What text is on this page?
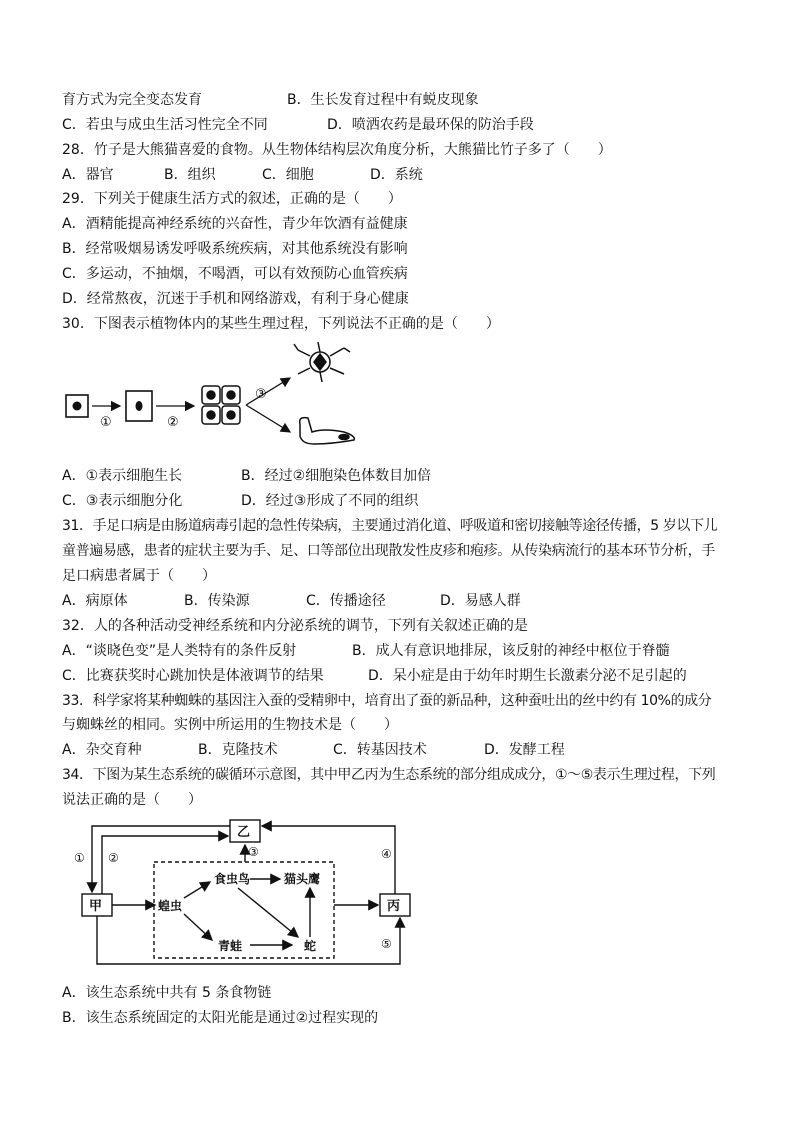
育方式为完全变态发育	B．生长发育过程中有蜕皮现象
C．若虫与成虫生活习性完全不同	D．喷洒农药是最环保的防治手段
28．竹子是大熊猫喜爱的食物。从生物体结构层次角度分析，大熊猫比竹子多了（　　）
A．器官	B．组织	C．细胞	D．系统
29．下列关于健康生活方式的叙述，正确的是（　　）
A．酒精能提高神经系统的兴奋性，青少年饮酒有益健康
B．经常吸烟易诱发呼吸系统疾病，对其他系统没有影响
C．多运动，不抽烟，不喝酒，可以有效预防心血管疾病
D．经常熬夜，沉迷于手机和网络游戏，有利于身心健康
30．下图表示植物体内的某些生理过程，下列说法不正确的是（　　）
①	②
③
A．①表示细胞生长	B．经过②细胞染色体数目加倍
C．③表示细胞分化	D．经过③形成了不同的组织
31．手足口病是由肠道病毒引起的急性传染病，主要通过消化道、呼吸道和密切接触等途径传播，5 岁以下儿
童普遍易感，患者的症状主要为手、足、口等部位出现散发性皮疹和疱疹。从传染病流行的基本环节分析，手
足口病患者属于（　　）
A．病原体	B．传染源	C．传播途径	D．易感人群
32．人的各种活动受神经系统和内分泌系统的调节，下列有关叙述正确的是
A．“谈晓色变”是人类特有的条件反射	B．成人有意识地排尿，该反射的神经中枢位于脊髓
C．比赛获奖时心跳加快是体液调节的结果	D．呆小症是由于幼年时期生长激素分泌不足引起的
33．科学家将某种蜘蛛的基因注入蚕的受精卵中，培育出了蚕的新品种，这种蚕吐出的丝中约有 10%的成分
与蜘蛛丝的相同。实例中所运用的生物技术是（　　）
A．杂交育种	B．克隆技术	C．转基因技术	D．发酵工程
34．下图为某生态系统的碳循环示意图，其中甲乙丙为生态系统的部分组成成分，①～⑤表示生理过程，下列
说法正确的是（　　）
乙
甲	丙
蝗虫
食虫鸟	猫头鹰
青蛙	蛇
① ②	③	④
⑤
A．该生态系统中共有 5 条食物链
B．该生态系统固定的太阳光能是通过②过程实现的
